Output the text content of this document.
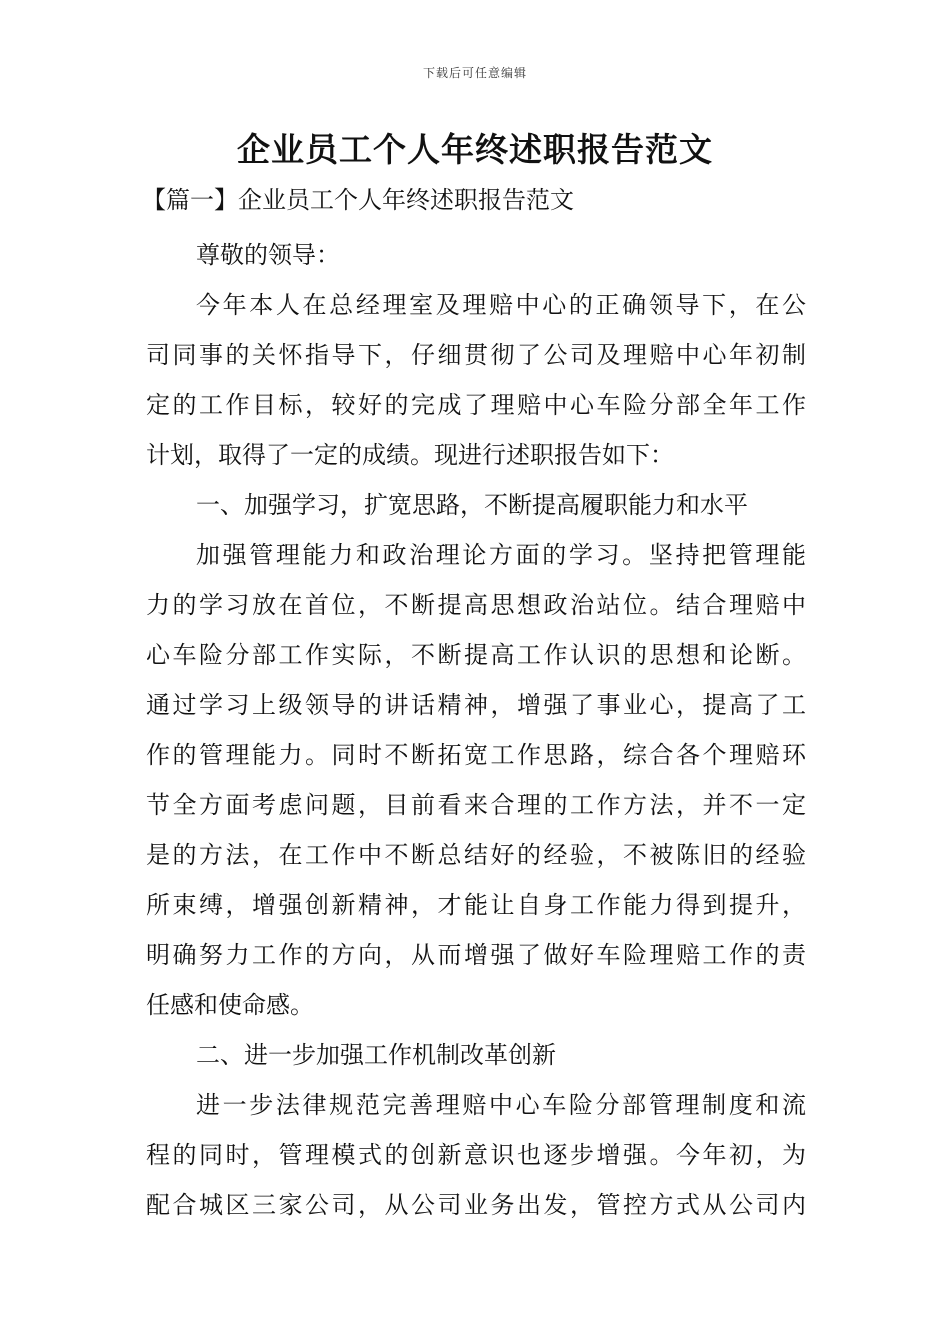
下载后可任意编辑
企业员工个人年终述职报告范文

【篇一】企业员工个人年终述职报告范文

尊敬的领导：

今年本人在总经理室及理赔中心的正确领导下，在公

司同事的关怀指导下，仔细贯彻了公司及理赔中心年初制

定的工作目标，较好的完成了理赔中心车险分部全年工作

计划，取得了一定的成绩。现进行述职报告如下：

一、加强学习，扩宽思路，不断提高履职能力和水平

加强管理能力和政治理论方面的学习。坚持把管理能

力的学习放在首位，不断提高思想政治站位。结合理赔中

心车险分部工作实际，不断提高工作认识的思想和论断。

通过学习上级领导的讲话精神，增强了事业心，提高了工

作的管理能力。同时不断拓宽工作思路，综合各个理赔环

节全方面考虑问题，目前看来合理的工作方法，并不一定

是的方法，在工作中不断总结好的经验，不被陈旧的经验

所束缚，增强创新精神，才能让自身工作能力得到提升，

明确努力工作的方向，从而增强了做好车险理赔工作的责

任感和使命感。

二、进一步加强工作机制改革创新

进一步法律规范完善理赔中心车险分部管理制度和流

程的同时，管理模式的创新意识也逐步增强。今年初，为

配合城区三家公司，从公司业务出发，管控方式从公司内
